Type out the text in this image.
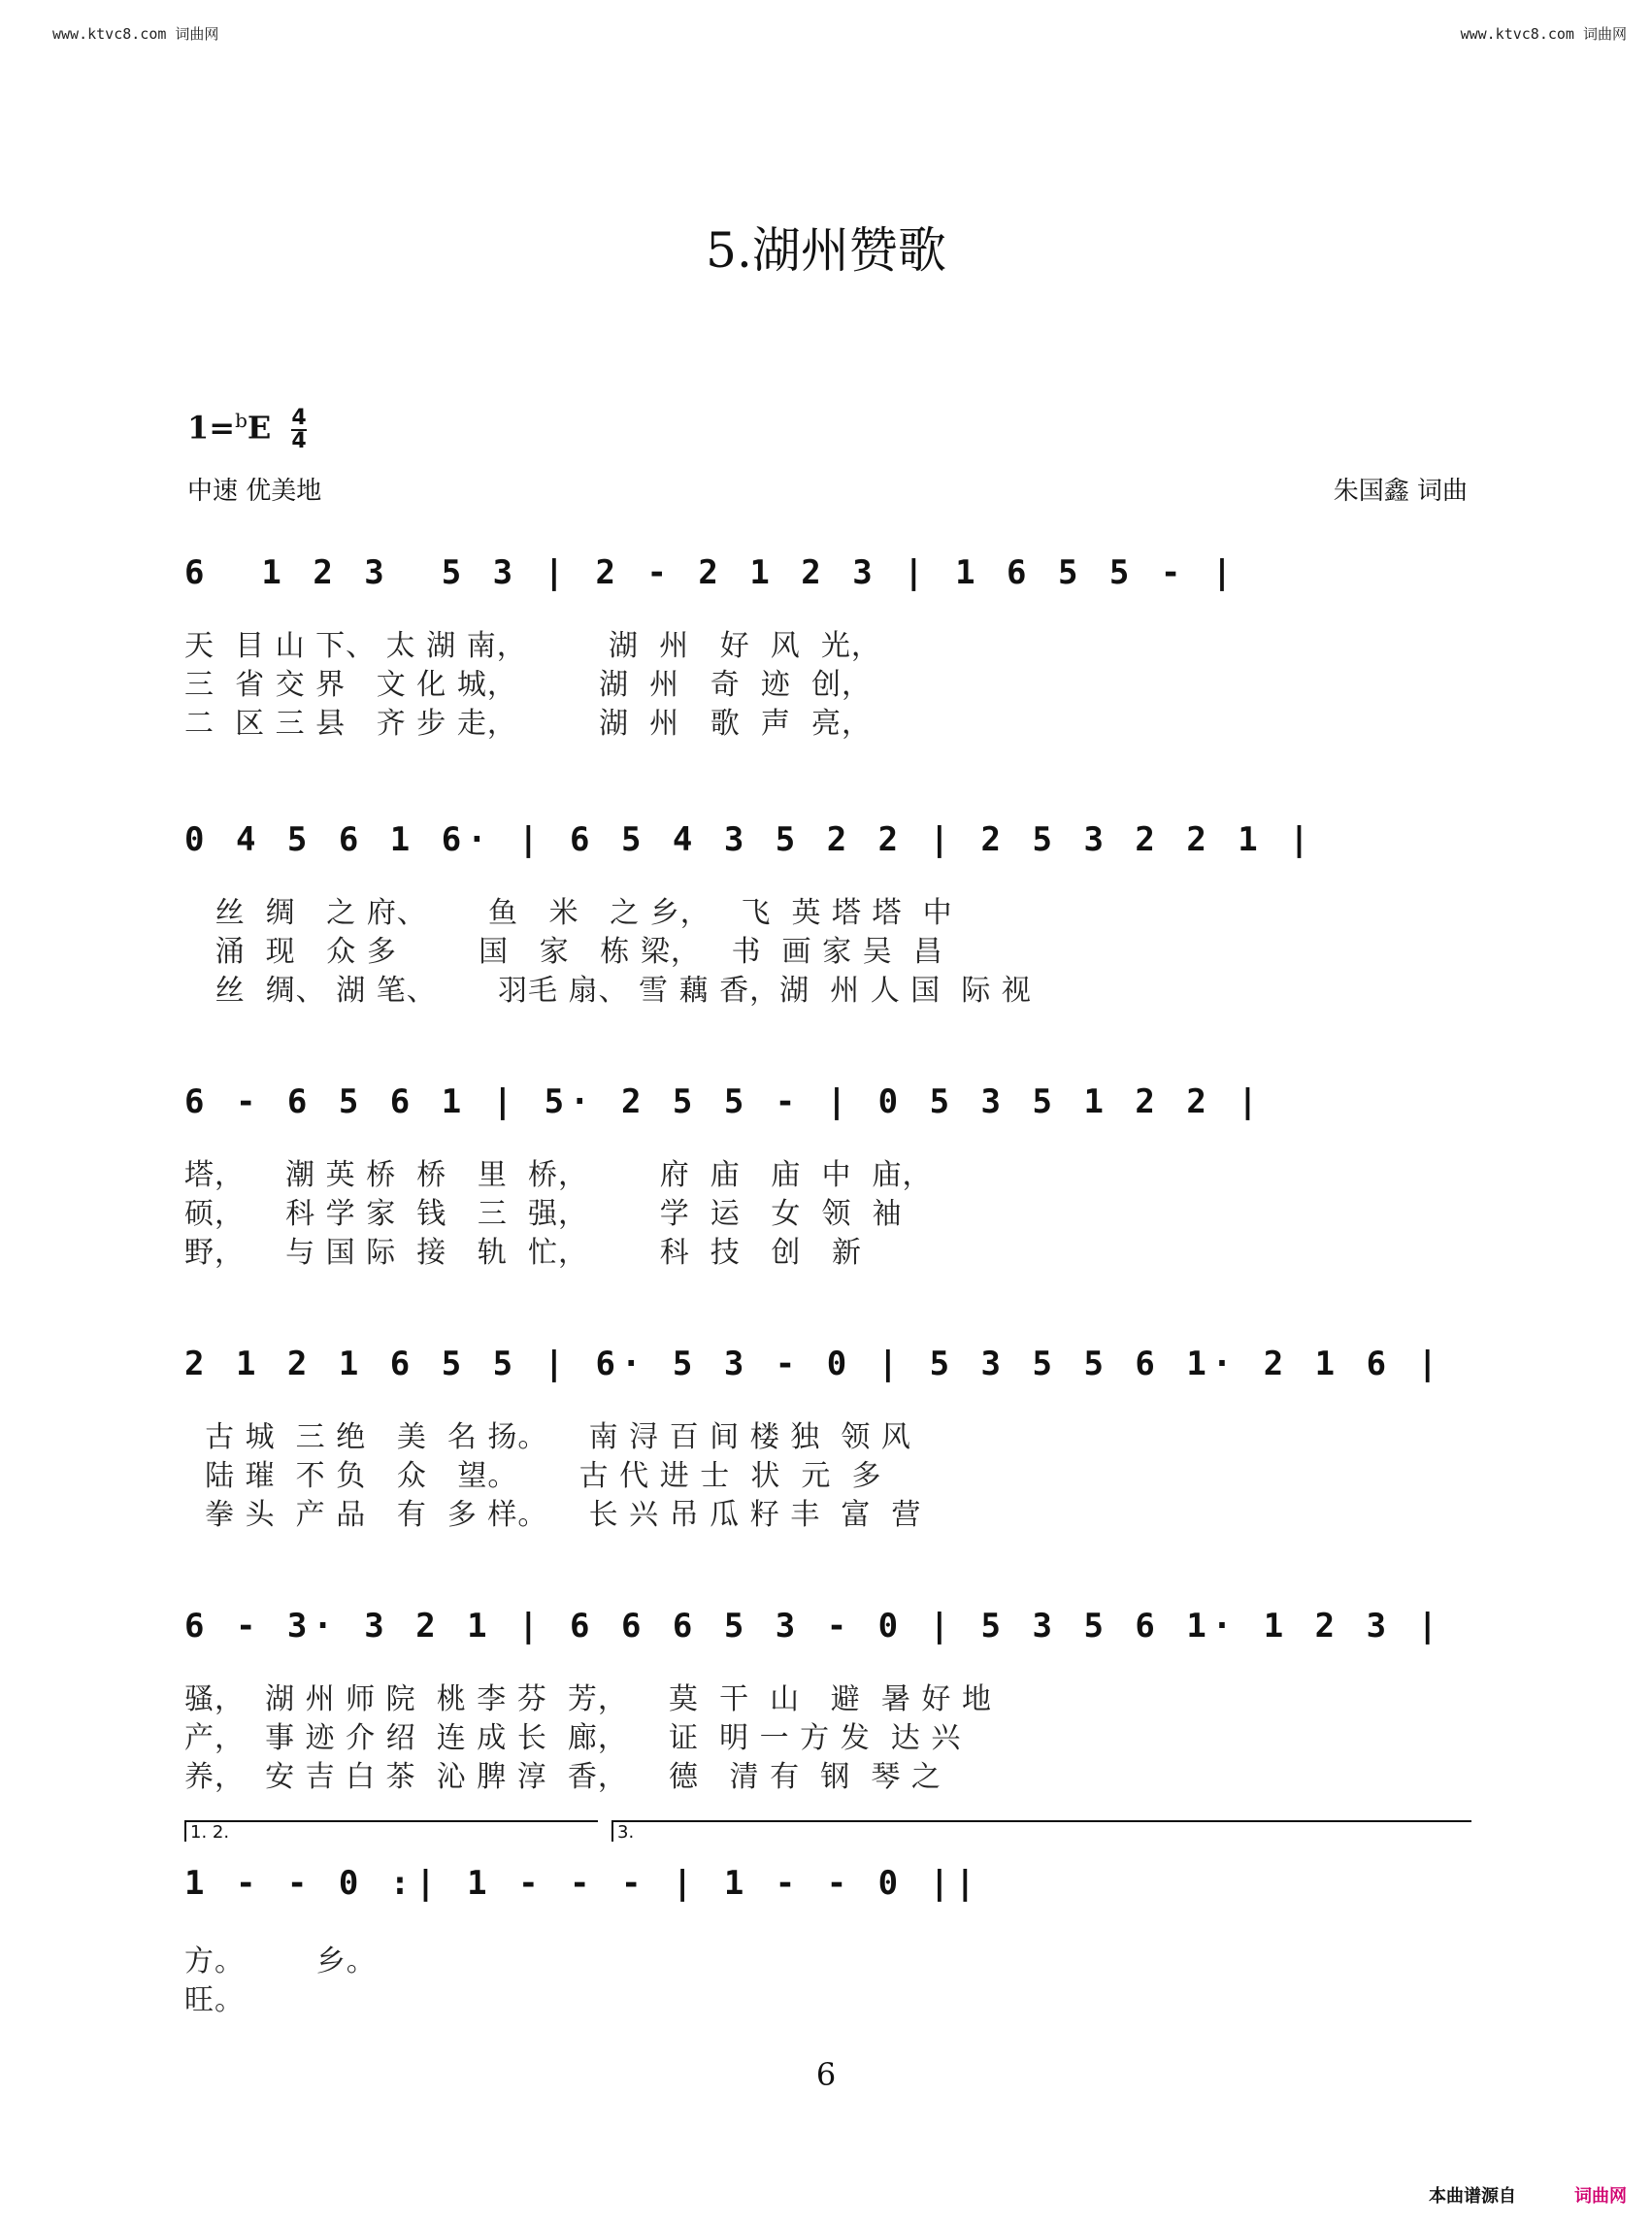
www.ktvc8.com 词曲网	www.ktvc8.com 词曲网
5.湖州赞歌
$1=^bE \frac{4}{4}$
中速 优美地	朱国鑫 词曲
6  1 2 3  5 3 | 2 - 2 1 2 3 | 1 6 5 5 - |
天  目 山 下、 太 湖 南，        湖  州   好  风  光，
三  省 交 界   文 化 城，        湖  州   奇  迹  创，
二  区 三 县   齐 步 走，        湖  州   歌  声  亮，
0 4 5 6 1 6· | 6 5 4 3 5 2 2 | 2 5 3 2 2 1 |
丝  绸   之 府、      鱼   米   之 乡，   飞  英 塔 塔  中
涌  现   众 多        国   家   栋 梁，   书  画 家 吴  昌
丝  绸、 湖 笔、      羽毛 扇、 雪 藕 香，湖  州 人 国  际 视
6 - 6 5 6 1 | 5· 2 5 5 - | 0 5 3 5 1 2 2 |
塔，    潮 英 桥  桥   里  桥，       府  庙   庙  中  庙，
硕，    科 学 家  钱   三  强，       学  运   女  领  袖
野，    与 国 际  接   轨  忙，       科  技   创   新
2 1 2 1 6 5 5 | 6· 5 3 - 0 | 5 3 5 5 6 1· 2 1 6 |
古 城  三 绝   美  名 扬。    南 浔 百 间 楼 独  领 风
陆 璀  不 负   众   望。      古 代 进 士  状  元  多
拳 头  产 品   有  多 样。    长 兴 吊 瓜 籽 丰  富  营
6 - 3· 3 2 1 | 6 6 6 5 3 - 0 | 5 3 5 6 1· 1 2 3 |
骚，  湖 州 师 院  桃 李 芬  芳，    莫  干  山   避  暑 好 地
产，  事 迹 介 绍  连 成 长  廊，    证  明 一 方 发  达 兴
养，  安 吉 白 茶  沁 脾 淳  香，    德   清 有  钢  琴 之
1. 2.	3.
1 - - 0 :| 1 - - - | 1 - - 0 ||
方。       乡。
旺。
6
本曲谱源自	词曲网
